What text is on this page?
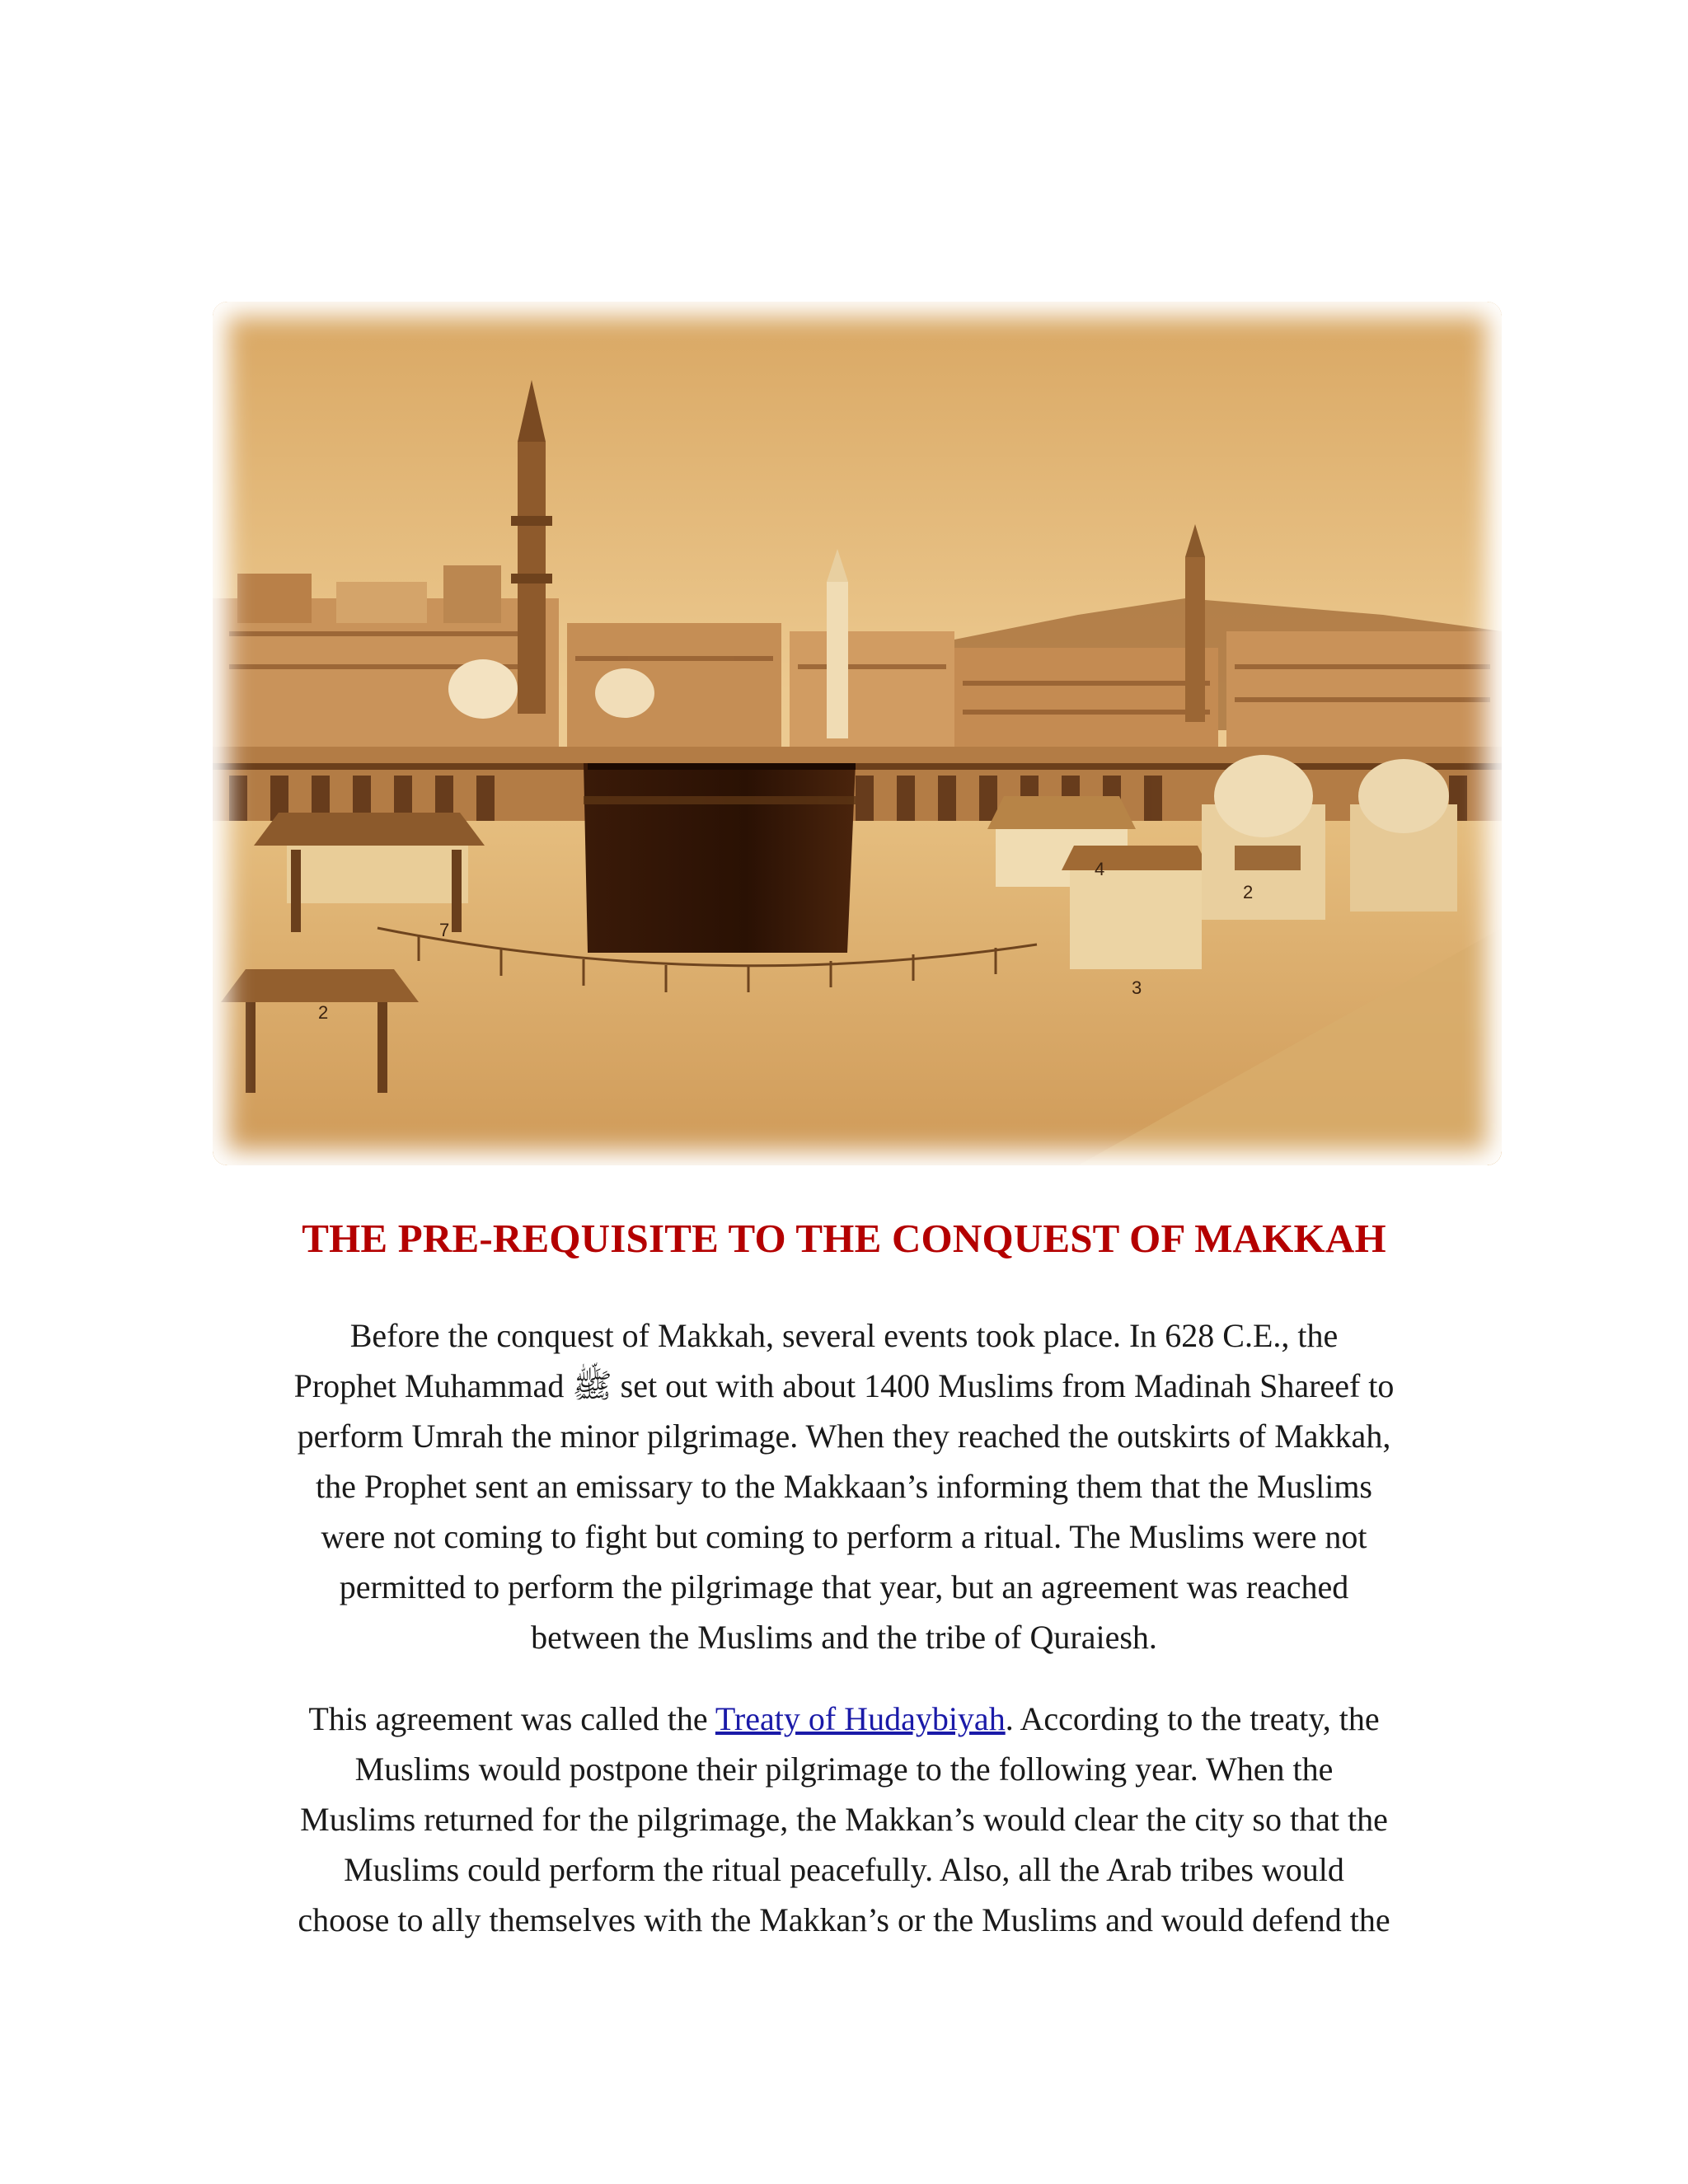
7
2
4
3
2
THE PRE-REQUISITE TO THE CONQUEST OF MAKKAH
Before the conquest of Makkah, several events took place. In 628 C.E., the
Prophet Muhammad ﷺ set out with about 1400 Muslims from Madinah Shareef to
perform Umrah the minor pilgrimage. When they reached the outskirts of Makkah,
the Prophet sent an emissary to the Makkaan’s informing them that the Muslims
were not coming to fight but coming to perform a ritual. The Muslims were not
permitted to perform the pilgrimage that year, but an agreement was reached
between the Muslims and the tribe of Quraiesh.
This agreement was called the Treaty of Hudaybiyah. According to the treaty, the
Muslims would postpone their pilgrimage to the following year. When the
Muslims returned for the pilgrimage, the Makkan’s would clear the city so that the
Muslims could perform the ritual peacefully. Also, all the Arab tribes would
choose to ally themselves with the Makkan’s or the Muslims and would defend the
